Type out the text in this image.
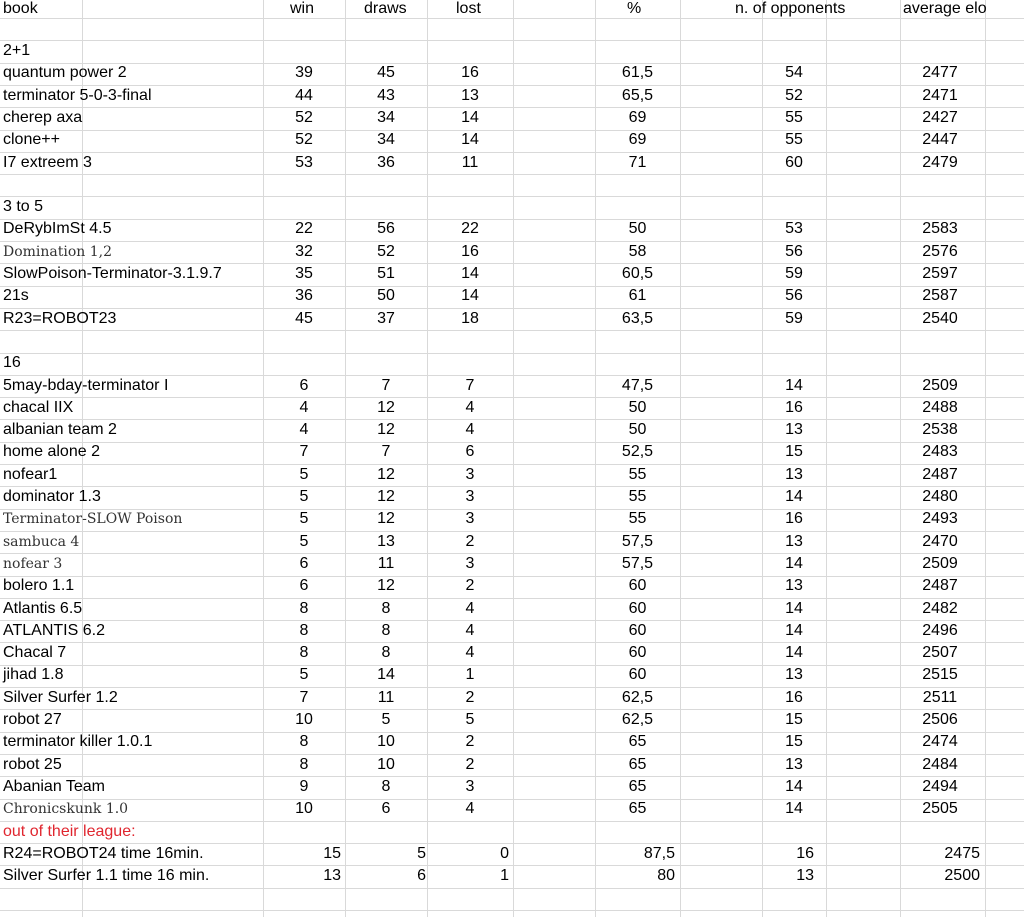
book	win	draws	lost	%	n. of opponents	average elo
2+1
quantum power 2	39	45	16	61,5	54	2477
terminator 5-0-3-final	44	43	13	65,5	52	2471
cherep axa	52	34	14	69	55	2427
clone++	52	34	14	69	55	2447
I7 extreem 3	53	36	11	71	60	2479
3 to 5
DeRybImSt 4.5	22	56	22	50	53	2583
Domination 1,2	32	52	16	58	56	2576
SlowPoison-Terminator-3.1.9.7	35	51	14	60,5	59	2597
21s	36	50	14	61	56	2587
R23=ROBOT23	45	37	18	63,5	59	2540
16
5may-bday-terminator I	6	7	7	47,5	14	2509
chacal IIX	4	12	4	50	16	2488
albanian team 2	4	12	4	50	13	2538
home alone 2	7	7	6	52,5	15	2483
nofear1	5	12	3	55	13	2487
dominator 1.3	5	12	3	55	14	2480
Terminator-SLOW Poison	5	12	3	55	16	2493
sambuca 4	5	13	2	57,5	13	2470
nofear 3	6	11	3	57,5	14	2509
bolero 1.1	6	12	2	60	13	2487
Atlantis 6.5	8	8	4	60	14	2482
ATLANTIS 6.2	8	8	4	60	14	2496
Chacal 7	8	8	4	60	14	2507
jihad 1.8	5	14	1	60	13	2515
Silver Surfer 1.2	7	11	2	62,5	16	2511
robot 27	10	5	5	62,5	15	2506
terminator killer 1.0.1	8	10	2	65	15	2474
robot 25	8	10	2	65	13	2484
Abanian Team	9	8	3	65	14	2494
Chronicskunk 1.0	10	6	4	65	14	2505
out of their league:
R24=ROBOT24 time 16min.	15	5	0	87,5	16	2475
Silver Surfer 1.1 time 16 min.	13	6	1	80	13	2500
